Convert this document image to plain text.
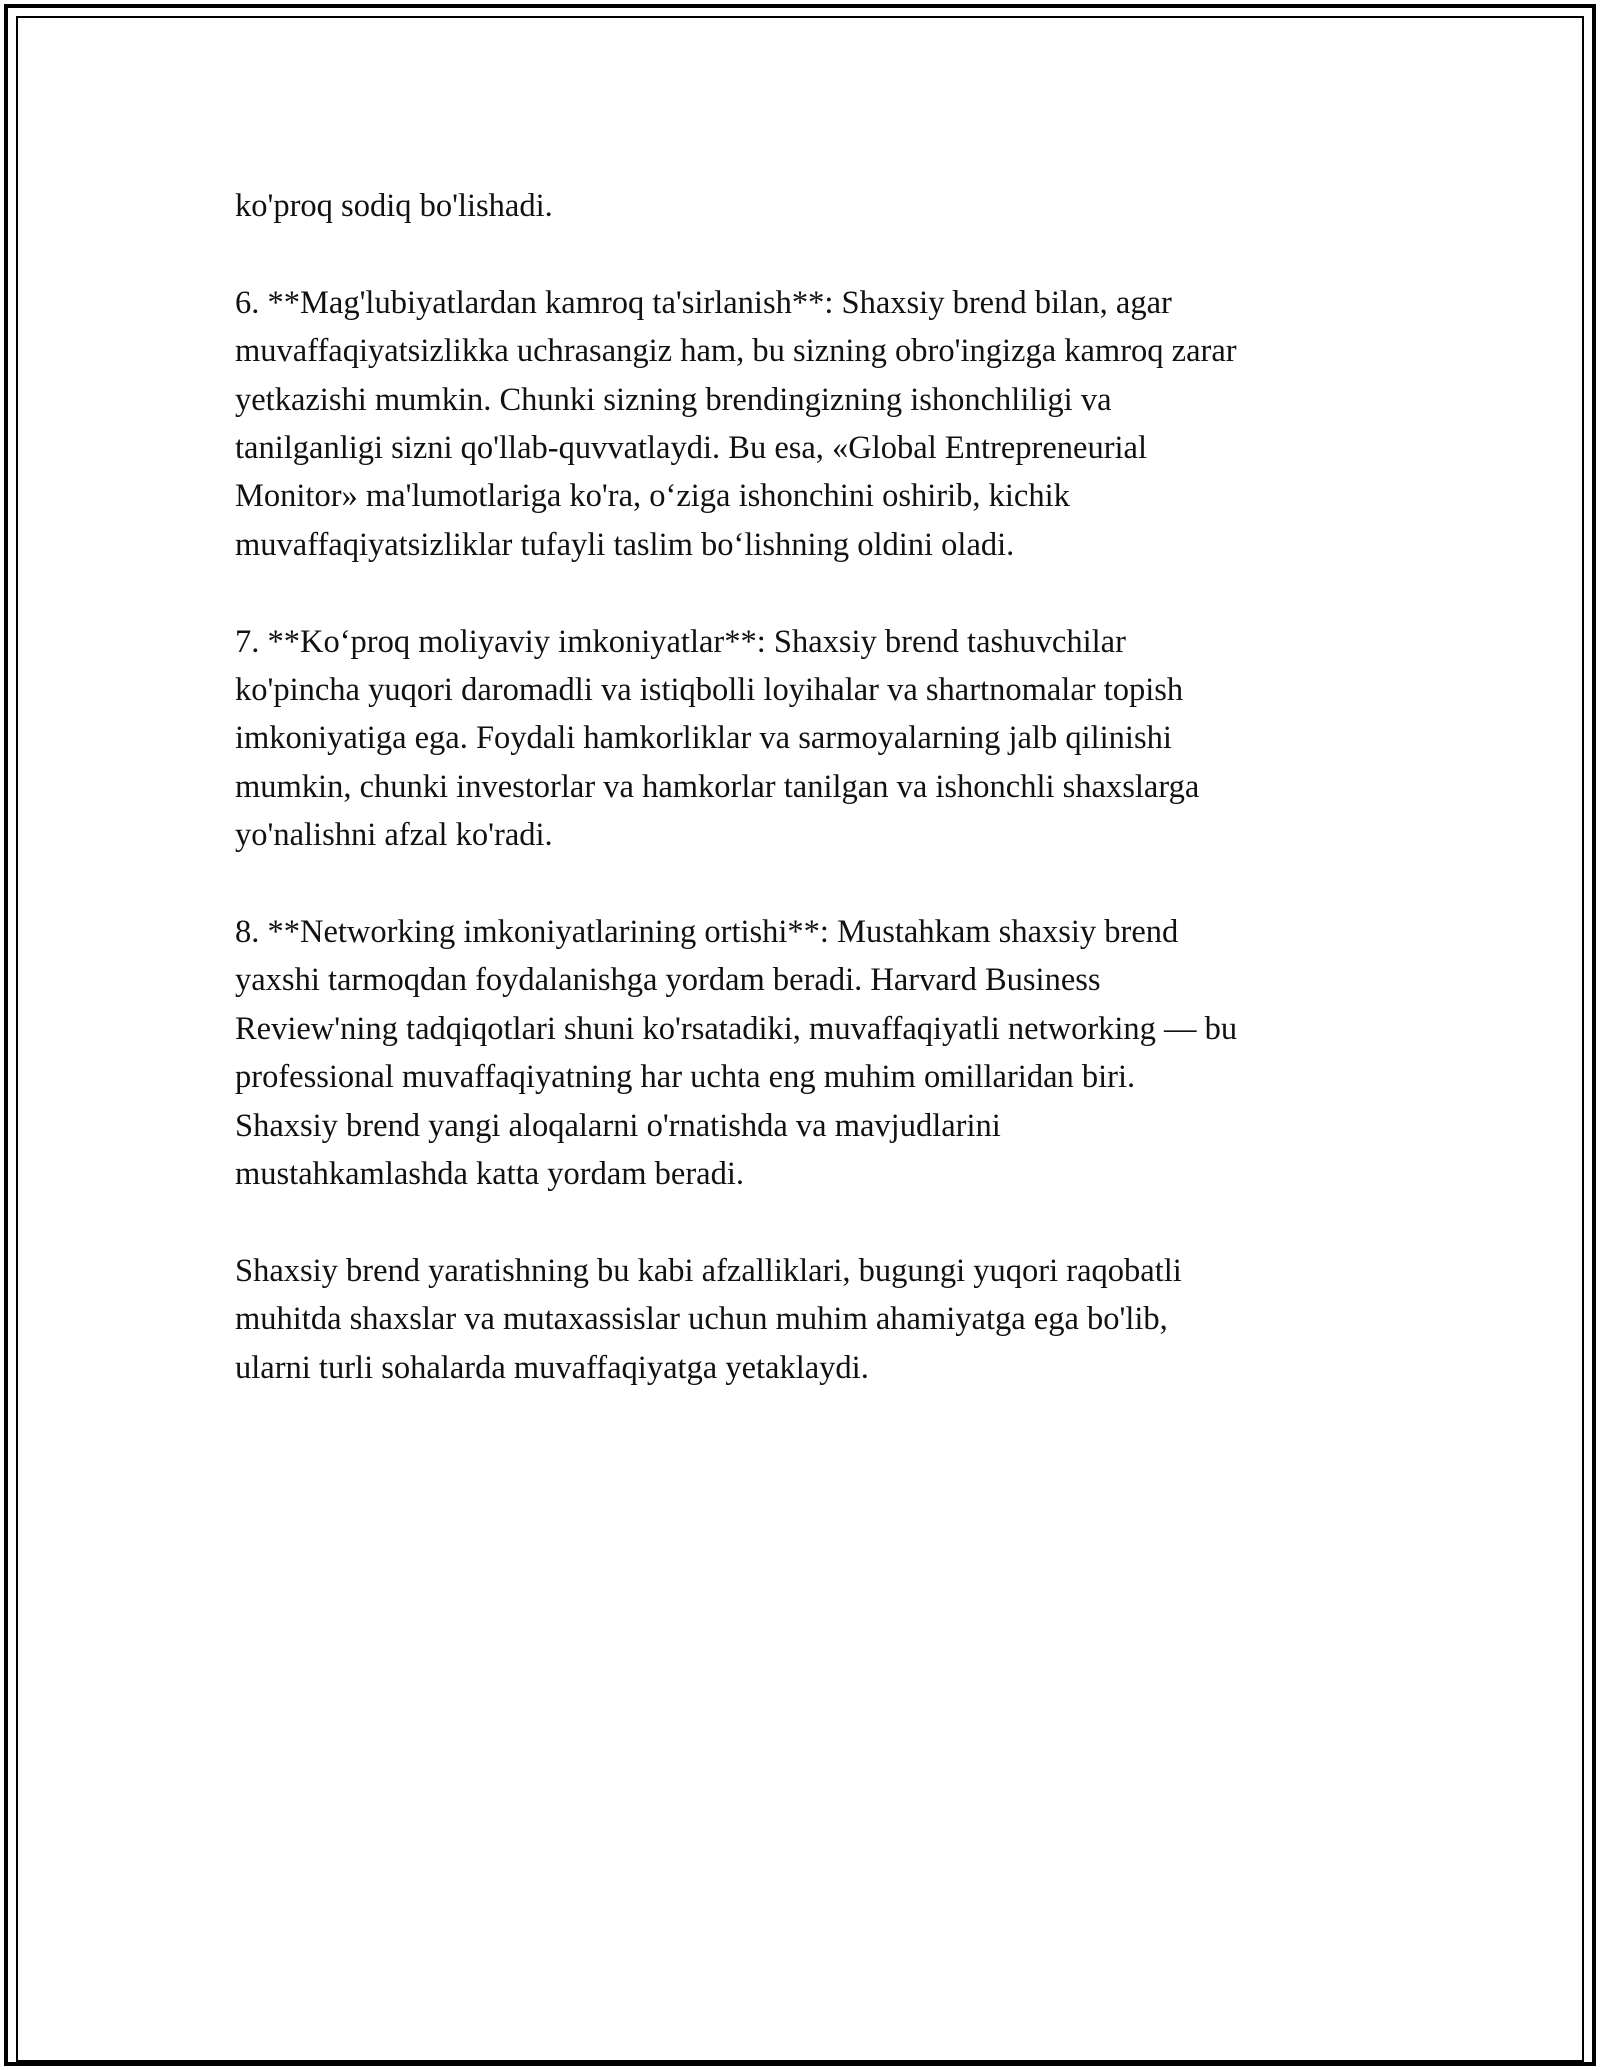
ko'proq sodiq bo'lishadi.

6. **Mag'lubiyatlardan kamroq ta'sirlanish**: Shaxsiy brend bilan, agar
muvaffaqiyatsizlikka uchrasangiz ham, bu sizning obro'ingizga kamroq zarar
yetkazishi mumkin. Chunki sizning brendingizning ishonchliligi va
tanilganligi sizni qo'llab-quvvatlaydi. Bu esa, «Global Entrepreneurial
Monitor» ma'lumotlariga ko'ra, o‘ziga ishonchini oshirib, kichik
muvaffaqiyatsizliklar tufayli taslim bo‘lishning oldini oladi.

7. **Ko‘proq moliyaviy imkoniyatlar**: Shaxsiy brend tashuvchilar
ko'pincha yuqori daromadli va istiqbolli loyihalar va shartnomalar topish
imkoniyatiga ega. Foydali hamkorliklar va sarmoyalarning jalb qilinishi
mumkin, chunki investorlar va hamkorlar tanilgan va ishonchli shaxslarga
yo'nalishni afzal ko'radi.

8. **Networking imkoniyatlarining ortishi**: Mustahkam shaxsiy brend
yaxshi tarmoqdan foydalanishga yordam beradi. Harvard Business
Review'ning tadqiqotlari shuni ko'rsatadiki, muvaffaqiyatli networking — bu
professional muvaffaqiyatning har uchta eng muhim omillaridan biri.
Shaxsiy brend yangi aloqalarni o'rnatishda va mavjudlarini
mustahkamlashda katta yordam beradi.

Shaxsiy brend yaratishning bu kabi afzalliklari, bugungi yuqori raqobatli
muhitda shaxslar va mutaxassislar uchun muhim ahamiyatga ega bo'lib,
ularni turli sohalarda muvaffaqiyatga yetaklaydi.
